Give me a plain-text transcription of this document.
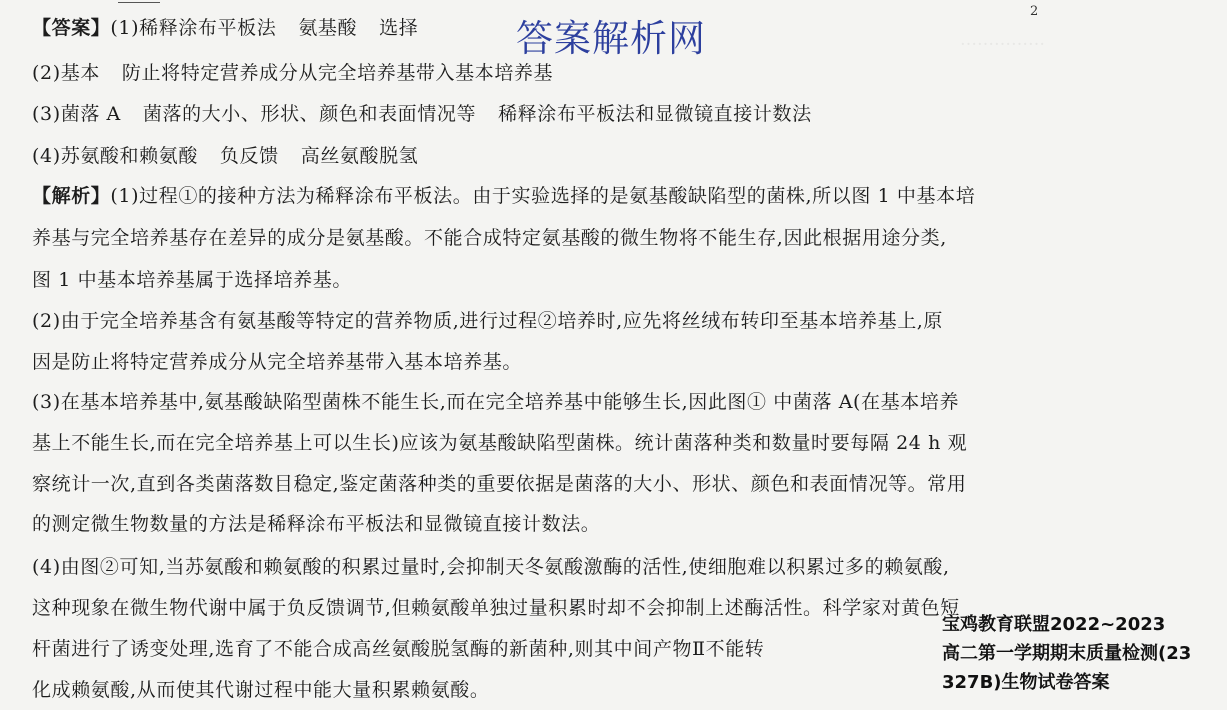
2
……………
【答案】(1)稀释涂布平板法 氨基酸 选择	答案解析网
(2)基本 防止将特定营养成分从完全培养基带入基本培养基
(3)菌落 A 菌落的大小、形状、颜色和表面情况等 稀释涂布平板法和显微镜直接计数法
(4)苏氨酸和赖氨酸 负反馈 高丝氨酸脱氢
【解析】(1)过程①的接种方法为稀释涂布平板法。由于实验选择的是氨基酸缺陷型的菌株,所以图 1 中基本培
养基与完全培养基存在差异的成分是氨基酸。不能合成特定氨基酸的微生物将不能生存,因此根据用途分类,
图 1 中基本培养基属于选择培养基。
(2)由于完全培养基含有氨基酸等特定的营养物质,进行过程②培养时,应先将丝绒布转印至基本培养基上,原
因是防止将特定营养成分从完全培养基带入基本培养基。
(3)在基本培养基中,氨基酸缺陷型菌株不能生长,而在完全培养基中能够生长,因此图① 中菌落 A(在基本培养
基上不能生长,而在完全培养基上可以生长)应该为氨基酸缺陷型菌株。统计菌落种类和数量时要每隔 24 h 观
察统计一次,直到各类菌落数目稳定,鉴定菌落种类的重要依据是菌落的大小、形状、颜色和表面情况等。常用
的测定微生物数量的方法是稀释涂布平板法和显微镜直接计数法。
(4)由图②可知,当苏氨酸和赖氨酸的积累过量时,会抑制天冬氨酸激酶的活性,使细胞难以积累过多的赖氨酸,
这种现象在微生物代谢中属于负反馈调节,但赖氨酸单独过量积累时却不会抑制上述酶活性。科学家对黄色短
杆菌进行了诱变处理,选育了不能合成高丝氨酸脱氢酶的新菌种,则其中间产物Ⅱ不能转
化成赖氨酸,从而使其代谢过程中能大量积累赖氨酸。
宝鸡教育联盟2022~2023
高二第一学期期末质量检测(23
327B)生物试卷答案
